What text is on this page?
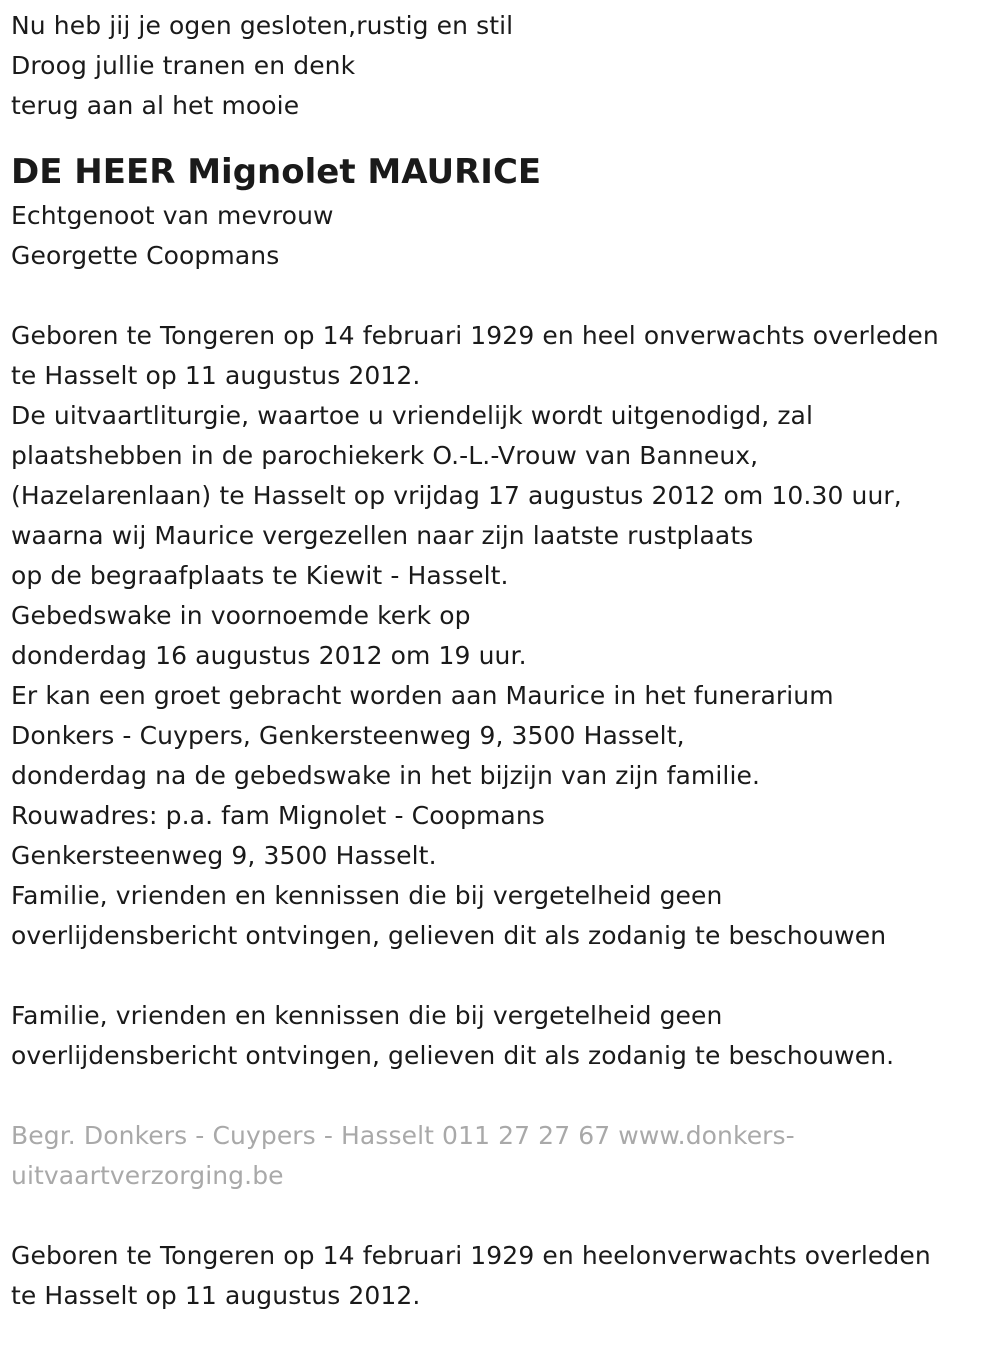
Nu heb jij je ogen gesloten,rustig en stil
Droog jullie tranen en denk
terug aan al het mooie
DE HEER Mignolet MAURICE
Echtgenoot van mevrouw
Georgette Coopmans
Geboren te Tongeren op 14 februari 1929 en heel onverwachts overleden
te Hasselt op 11 augustus 2012.
De uitvaartliturgie, waartoe u vriendelijk wordt uitgenodigd, zal
plaatshebben in de parochiekerk O.-L.-Vrouw van Banneux,
(Hazelarenlaan) te Hasselt op vrijdag 17 augustus 2012 om 10.30 uur,
waarna wij Maurice vergezellen naar zijn laatste rustplaats
op de begraafplaats te Kiewit - Hasselt.
Gebedswake in voornoemde kerk op
donderdag 16 augustus 2012 om 19 uur.
Er kan een groet gebracht worden aan Maurice in het funerarium
Donkers - Cuypers, Genkersteenweg 9, 3500 Hasselt,
donderdag na de gebedswake in het bijzijn van zijn familie.
Rouwadres: p.a. fam Mignolet - Coopmans
Genkersteenweg 9, 3500 Hasselt.
Familie, vrienden en kennissen die bij vergetelheid geen
overlijdensbericht ontvingen, gelieven dit als zodanig te beschouwen
Familie, vrienden en kennissen die bij vergetelheid geen
overlijdensbericht ontvingen, gelieven dit als zodanig te beschouwen.
Begr. Donkers - Cuypers - Hasselt 011 27 27 67 www.donkers-
uitvaartverzorging.be
Geboren te Tongeren op 14 februari 1929 en heelonverwachts overleden
te Hasselt op 11 augustus 2012.
